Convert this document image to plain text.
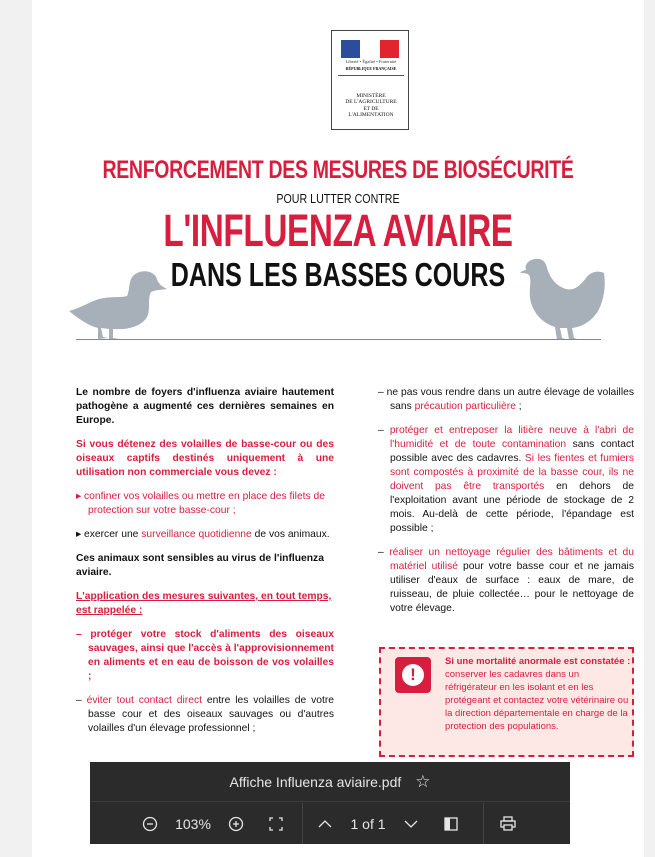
Liberté • Égalité • Fraternité
RÉPUBLIQUE FRANÇAISE
MINISTÈRE
DE L'AGRICULTURE
ET DE
L'ALIMENTATION
RENFORCEMENT DES MESURES DE BIOSÉCURITÉ
POUR LUTTER CONTRE
L'INFLUENZA AVIAIRE
DANS LES BASSES COURS

Le nombre de foyers d'influenza aviaire hautement pathogène a augmenté ces dernières semaines en Europe.

Si vous détenez des volailles de basse-cour ou des oiseaux captifs destinés uniquement à une utilisation non commerciale vous devez :

▸ confiner vos volailles ou mettre en place des filets de protection sur votre basse-cour ;

▸ exercer une surveillance quotidienne de vos animaux.

Ces animaux sont sensibles au virus de l'influenza aviaire.

L'application des mesures suivantes, en tout temps, est rappelée :

– protéger votre stock d'aliments des oiseaux sauvages, ainsi que l'accès à l'approvisionnement en aliments et en eau de boisson de vos volailles ;

– éviter tout contact direct entre les volailles de votre basse cour et des oiseaux sauvages ou d'autres volailles d'un élevage professionnel ;

– ne pas vous rendre dans un autre élevage de volailles sans précaution particulière ;

– protéger et entreposer la litière neuve à l'abri de l'humidité et de toute contamination sans contact possible avec des cadavres. Si les fientes et fumiers sont compostés à proximité de la basse cour, ils ne doivent pas être transportés en dehors de l'exploitation avant une période de stockage de 2 mois. Au-delà de cette période, l'épandage est possible ;

– réaliser un nettoyage régulier des bâtiments et du matériel utilisé pour votre basse cour et ne jamais utiliser d'eaux de surface : eaux de mare, de ruisseau, de pluie collectée… pour le nettoyage de votre élevage.

!
Si une mortalité anormale est constatée : conserver les cadavres dans un réfrigérateur en les isolant et en les protégeant et contactez votre vétérinaire ou la direction départementale en charge de la protection des populations.
Affiche Influenza aviaire.pdf ☆
103%	1 of 1
